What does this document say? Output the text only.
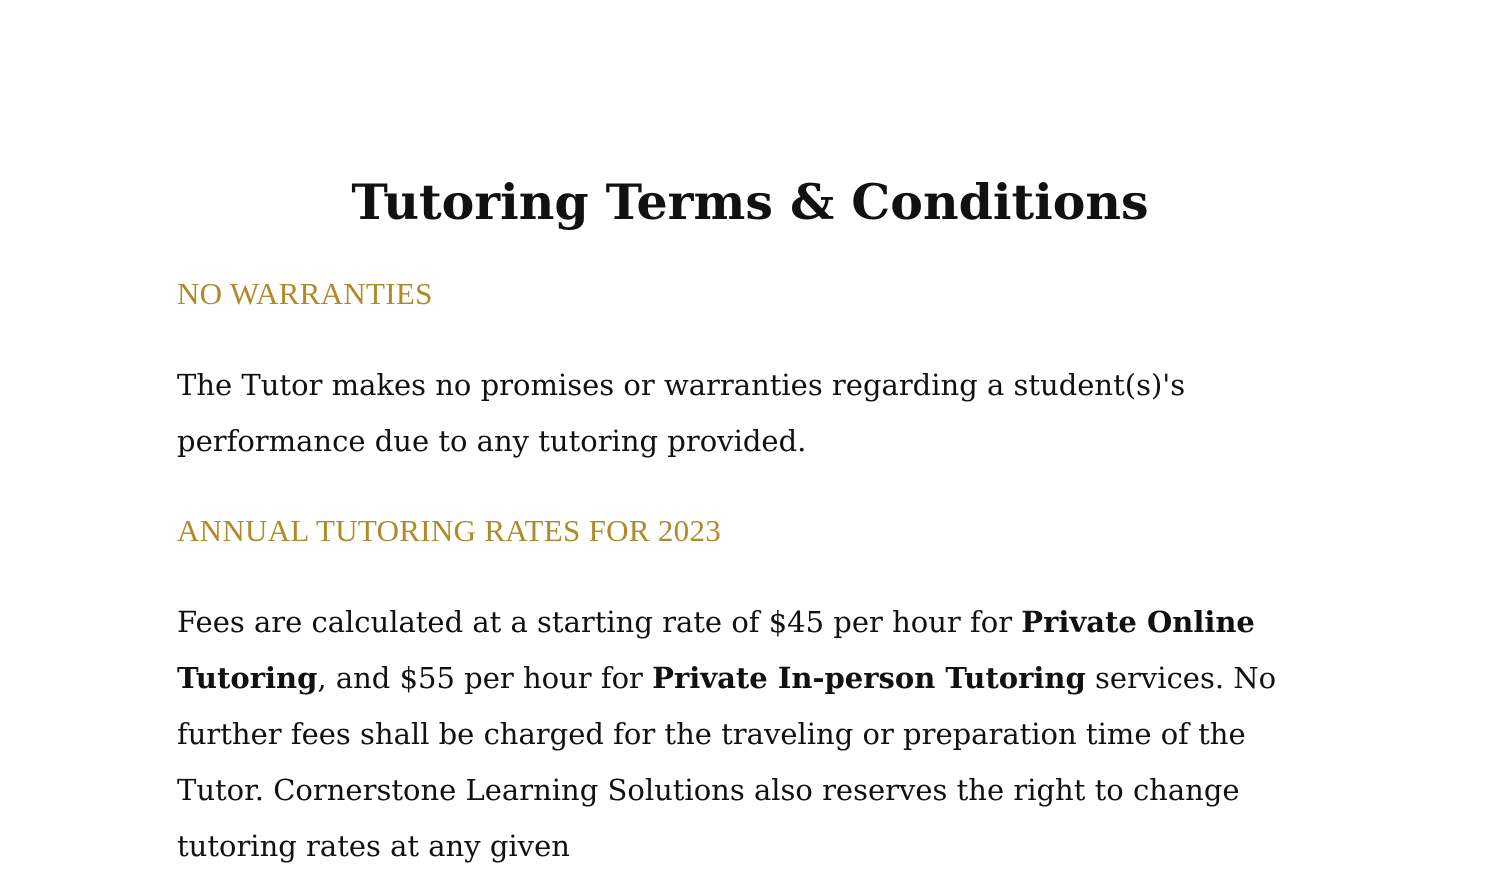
Tutoring Terms & Conditions
NO WARRANTIES

The Tutor makes no promises or warranties regarding a student(s)'s performance due to any tutoring provided.

ANNUAL TUTORING RATES FOR 2023

Fees are calculated at a starting rate of $45 per hour for Private Online Tutoring, and $55 per hour for Private In-person Tutoring services. No further fees shall be charged for the traveling or preparation time of the Tutor. Cornerstone Learning Solutions also reserves the right to change tutoring rates at any given
